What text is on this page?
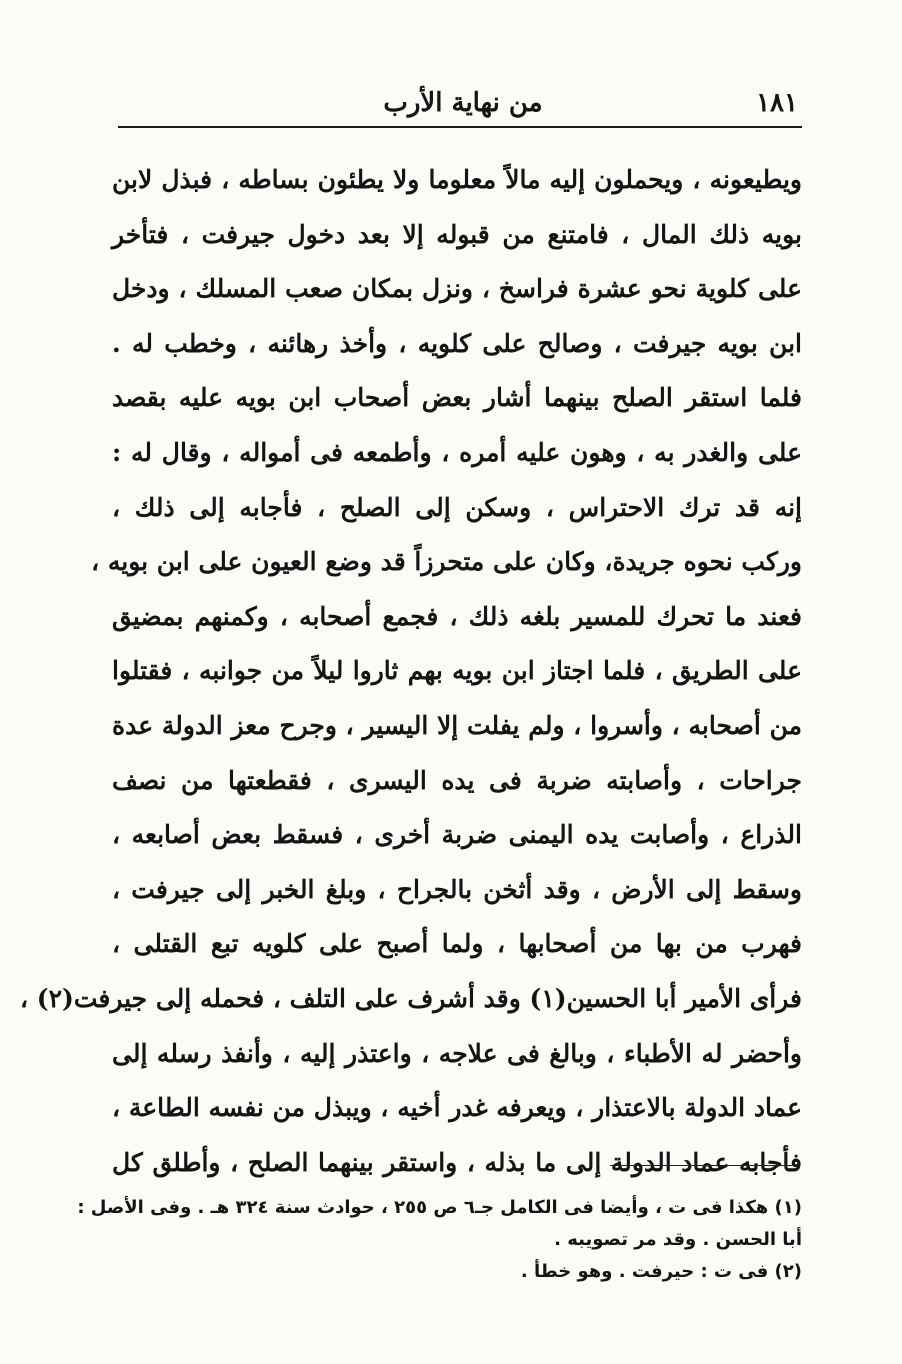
من نهاية الأرب	١٨١
ويطيعونه ، ويحملون إليه مالاً معلوما ولا يطئون بساطه ، فبذل لابن
بويه ذلك المال ، فامتنع من قبوله إلا بعد دخول جيرفت ، فتأخر
على كلوية نحو عشرة فراسخ ، ونزل بمكان صعب المسلك ، ودخل
ابن بويه جيرفت ، وصالح على كلويه ، وأخذ رهائنه ، وخطب له .
فلما استقر الصلح بينهما أشار بعض أصحاب ابن بويه عليه بقصد
على والغدر به ، وهون عليه أمره ، وأطمعه فى أمواله ، وقال له :
إنه قد ترك الاحتراس ، وسكن إلى الصلح ، فأجابه إلى ذلك ،
وركب نحوه جريدة، وكان على متحرزاً قد وضع العيون على ابن بويه ،
فعند ما تحرك للمسير بلغه ذلك ، فجمع أصحابه ، وكمنهم بمضيق
على الطريق ، فلما اجتاز ابن بويه بهم ثاروا ليلاً من جوانبه ، فقتلوا
من أصحابه ، وأسروا ، ولم يفلت إلا اليسير ، وجرح معز الدولة عدة
جراحات ، وأصابته ضربة فى يده اليسرى ، فقطعتها من نصف
الذراع ، وأصابت يده اليمنى ضربة أخرى ، فسقط بعض أصابعه ،
وسقط إلى الأرض ، وقد أثخن بالجراح ، وبلغ الخبر إلى جيرفت ،
فهرب من بها من أصحابها ، ولما أصبح على كلويه تبع القتلى ،
فرأى الأمير أبا الحسين(١) وقد أشرف على التلف ، فحمله إلى جيرفت(٢) ،
وأحضر له الأطباء ، وبالغ فى علاجه ، واعتذر إليه ، وأنفذ رسله إلى
عماد الدولة بالاعتذار ، ويعرفه غدر أخيه ، ويبذل من نفسه الطاعة ،
فأجابه عماد الدولة إلى ما بذله ، واستقر بينهما الصلح ، وأطلق كل
(١) هكذا فى ت ، وأيضا فى الكامل جـ٦ ص ٢٥٥ ، حوادث سنة ٣٢٤ هـ . وفى الأصل :
أبا الحسن . وقد مر تصويبه .
(٢) فى ت : حيرفت . وهو خطأ .
